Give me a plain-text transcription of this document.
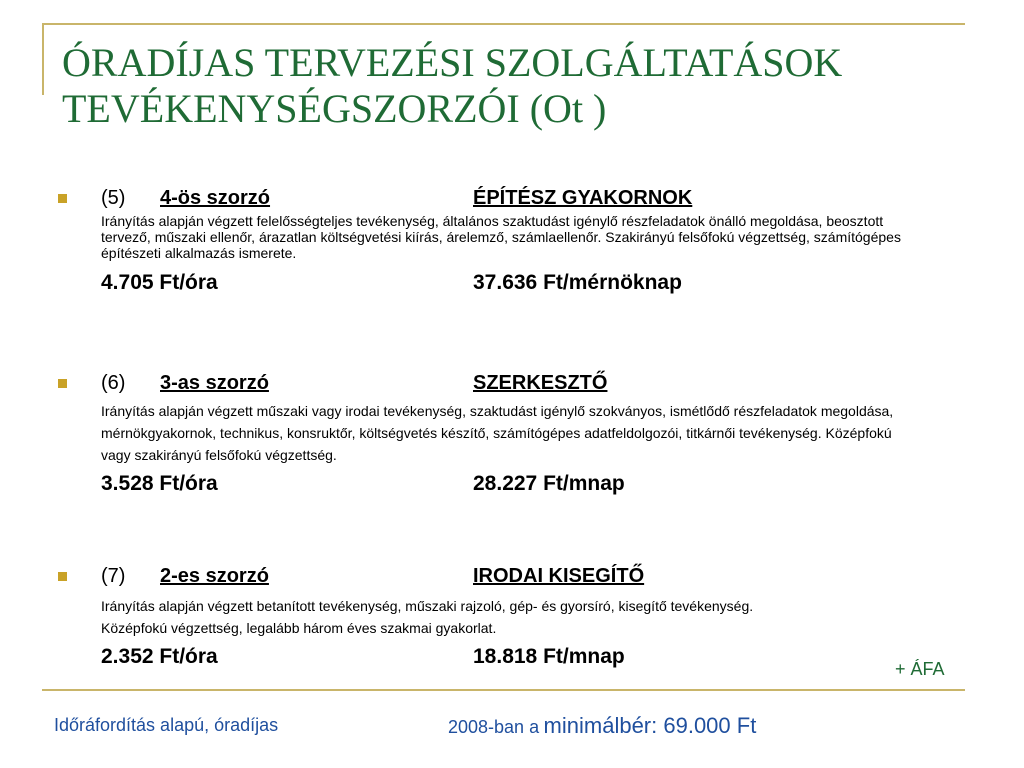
ÓRADÍJAS TERVEZÉSI SZOLGÁLTATÁSOK TEVÉKENYSÉGSZORZÓI (Ot )
(5) 4-ös szorzó	ÉPÍTÉSZ GYAKORNOK

Irányítás alapján végzett felelősségteljes tevékenység, általános szaktudást igénylő részfeladatok önálló megoldása, beosztott tervező, műszaki ellenőr, árazatlan költségvetési kiírás, árelemző, számlaellenőr. Szakirányú felsőfokú végzettség, számítógépes építészeti alkalmazás ismerete.

4.705 Ft/óra	37.636 Ft/mérnöknap
(6) 3-as szorzó	SZERKESZTŐ

Irányítás alapján végzett műszaki vagy irodai tevékenység, szaktudást igénylő szokványos, ismétlődő részfeladatok megoldása, mérnökgyakornok, technikus, konsruktőr, költségvetés készítő, számítógépes adatfeldolgozói, titkárnői tevékenység. Középfokú vagy szakirányú felsőfokú végzettség.

3.528 Ft/óra	28.227 Ft/mnap
(7) 2-es szorzó	IRODAI KISEGÍTŐ

Irányítás alapján végzett betanított tevékenység, műszaki rajzoló, gép- és gyorsíró, kisegítő tevékenység. Középfokú végzettség, legalább három éves szakmai gyakorlat.

2.352 Ft/óra	18.818 Ft/mnap
+ ÁFA
Időráfordítás alapú, óradíjas	2008-ban a minimálbér: 69.000 Ft
